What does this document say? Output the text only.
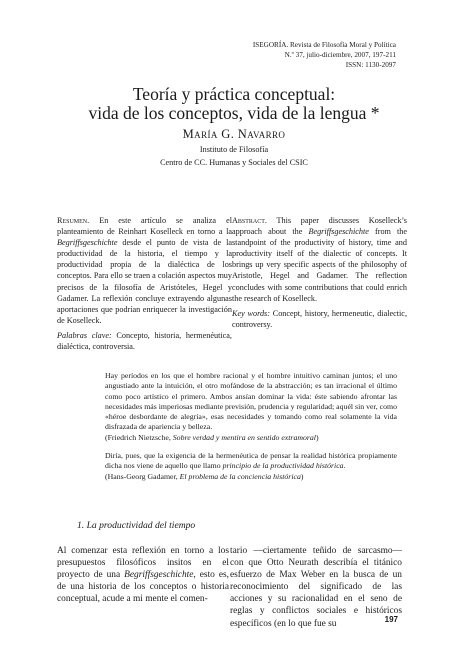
ISEGORÍA. Revista de Filosofía Moral y Política
N.º 37, julio-diciembre, 2007, 197-211
ISSN: 1130-2097
Teoría y práctica conceptual:
vida de los conceptos, vida de la lengua *
María G. Navarro
Instituto de Filosofía
Centro de CC. Humanas y Sociales del CSIC
Resumen. En este artículo se analiza el planteamiento de Reinhart Koselleck en torno a la Begriffsgeschichte desde el punto de vista de la productividad de la historia, el tiempo y la productividad propia de la dialéctica de los conceptos. Para ello se traen a colación aspectos muy precisos de la filosofía de Aristóteles, Hegel y Gadamer. La reflexión concluye extrayendo algunas aportaciones que podrían enriquecer la investigación de Koselleck.
Palabras clave: Concepto, historia, hermenéutica, dialéctica, controversia.
Abstract. This paper discusses Koselleck’s approach about the Begriffsgeschichte from the standpoint of the productivity of history, time and productivity itself of the dialectic of concepts. It brings up very specific aspects of the philosophy of Aristotle, Hegel and Gadamer. The reflection concludes with some contributions that could enrich the research of Koselleck.
Key words: Concept, history, hermeneutic, dialectic, controversy.
Hay períodos en los que el hombre racional y el hombre intuitivo caminan juntos; el uno angustiado ante la intuición, el otro mofándose de la abstracción; es tan irracional el último como poco artístico el primero. Ambos ansían dominar la vida: éste sabiendo afrontar las necesidades más imperiosas mediante previsión, prudencia y regularidad; aquél sin ver, como «héroe desbordante de alegría», esas necesidades y tomando como real solamente la vida disfrazada de apariencia y belleza.
(Friedrich Nietzsche, Sobre verdad y mentira en sentido extramoral)
Diría, pues, que la exigencia de la hermenéutica de pensar la realidad histórica propiamente dicha nos viene de aquello que llamo principio de la productividad histórica.
(Hans-Georg Gadamer, El problema de la conciencia histórica)
1. La productividad del tiempo
Al comenzar esta reflexión en torno a los presupuestos filosóficos insitos en el proyecto de una Begriffsgeschichte, esto es, de una historia de los conceptos o historia conceptual, acude a mi mente el comen-
tario —ciertamente teñido de sarcasmo— con que Otto Neurath describía el titánico esfuerzo de Max Weber en la busca de un reconocimiento del significado de las acciones y su racionalidad en el seno de reglas y conflictos sociales e históricos específicos (en lo que fue su	197
